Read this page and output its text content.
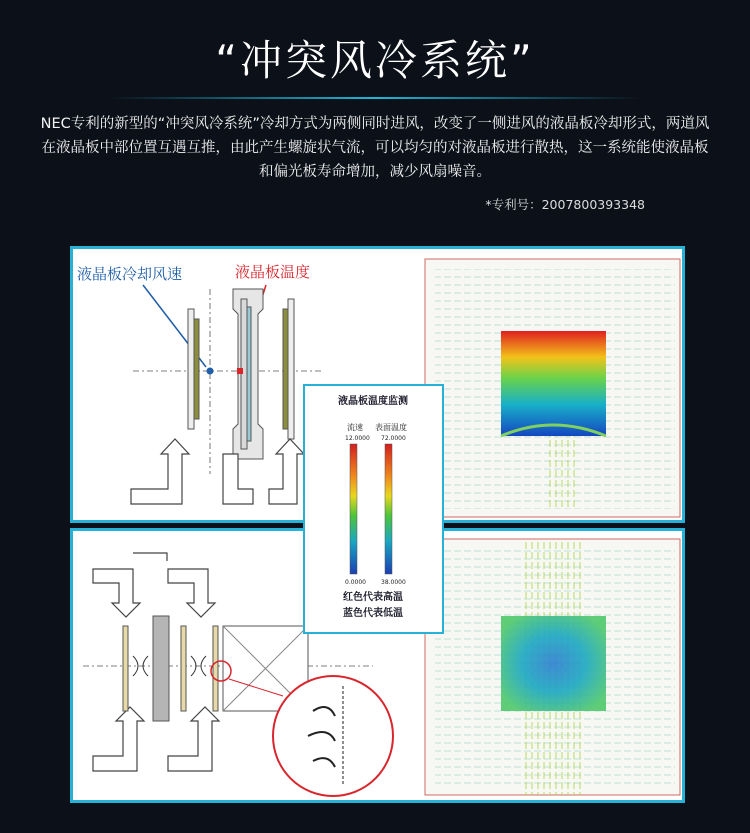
“冲突风冷系统”
NEC专利的新型的“冲突风冷系统”冷却方式为两侧同时进风，改变了一侧进风的液晶板冷却形式，两道风在液晶板中部位置互遇互推，由此产生螺旋状气流，可以均匀的对液晶板进行散热，这一系统能使液晶板和偏光板寿命增加，减少风扇噪音。
*专利号：2007800393348
液晶板冷却风速	液晶板温度
液晶板温度监测
流速 表面温度
12.0000 72.0000
0.0000	38.0000
红色代表高温
蓝色代表低温
